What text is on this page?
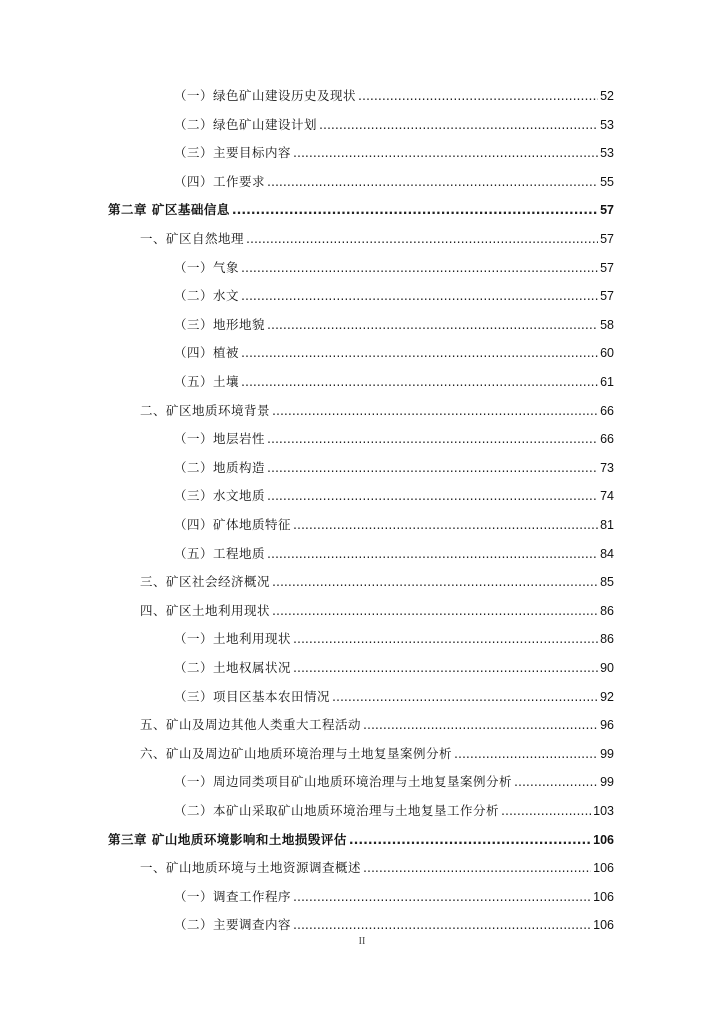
（一）绿色矿山建设历史及现状 .....	52
（二）绿色矿山建设计划 .....	53
（三）主要目标内容 .....	53
（四）工作要求 .....	55
第二章 矿区基础信息 .....	57
一、矿区自然地理 .....	57
（一）气象 .....	57
（二）水文 .....	57
（三）地形地貌 .....	58
（四）植被 .....	60
（五）土壤 .....	61
二、矿区地质环境背景 .....	66
（一）地层岩性 .....	66
（二）地质构造 .....	73
（三）水文地质 .....	74
（四）矿体地质特征 .....	81
（五）工程地质 .....	84
三、矿区社会经济概况 .....	85
四、矿区土地利用现状 .....	86
（一）土地利用现状 .....	86
（二）土地权属状况 .....	90
（三）项目区基本农田情况 .....	92
五、矿山及周边其他人类重大工程活动 .....	96
六、矿山及周边矿山地质环境治理与土地复垦案例分析 .....	99
（一）周边同类项目矿山地质环境治理与土地复垦案例分析 .....	99
（二）本矿山采取矿山地质环境治理与土地复垦工作分析 .....	103
第三章 矿山地质环境影响和土地损毁评估 .....	106
一、矿山地质环境与土地资源调查概述 .....	106
（一）调查工作程序 .....	106
（二）主要调查内容 .....	106
II
